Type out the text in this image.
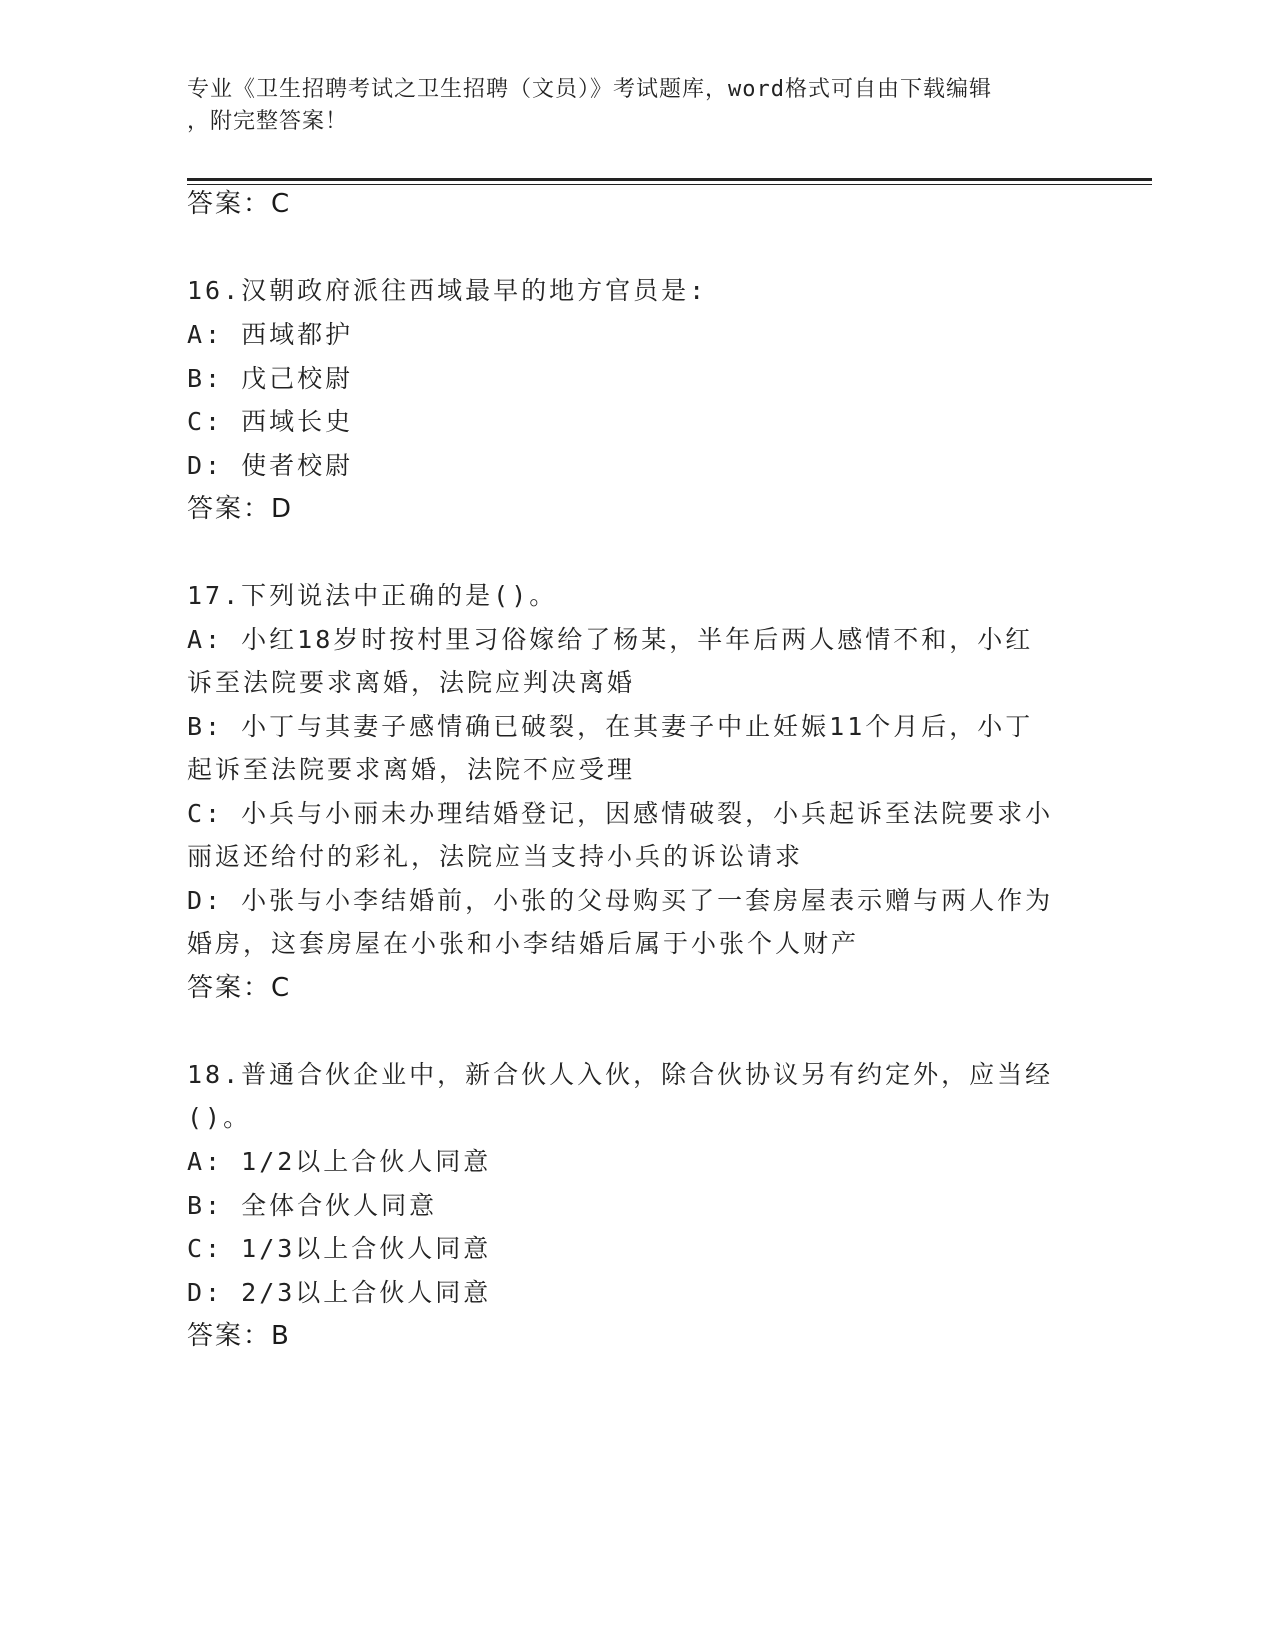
专业《卫生招聘考试之卫生招聘（文员）》考试题库，word格式可自由下载编辑
，附完整答案！
答案：C
16.汉朝政府派往西域最早的地方官员是:
A: 西域都护
B: 戊己校尉
C: 西域长史
D: 使者校尉
答案：D
17.下列说法中正确的是()。
A: 小红18岁时按村里习俗嫁给了杨某，半年后两人感情不和，小红
诉至法院要求离婚，法院应判决离婚
B: 小丁与其妻子感情确已破裂，在其妻子中止妊娠11个月后，小丁
起诉至法院要求离婚，法院不应受理
C: 小兵与小丽未办理结婚登记，因感情破裂，小兵起诉至法院要求小
丽返还给付的彩礼，法院应当支持小兵的诉讼请求
D: 小张与小李结婚前，小张的父母购买了一套房屋表示赠与两人作为
婚房，这套房屋在小张和小李结婚后属于小张个人财产
答案：C
18.普通合伙企业中，新合伙人入伙，除合伙协议另有约定外，应当经
()。
A: 1/2以上合伙人同意
B: 全体合伙人同意
C: 1/3以上合伙人同意
D: 2/3以上合伙人同意
答案：B
